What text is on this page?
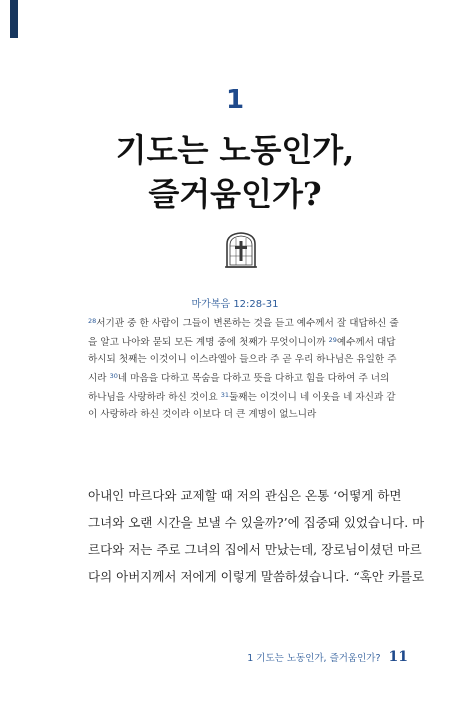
1
기도는 노동인가,
즐거움인가?
마가복음 12:28-31
$^{28}$서기관 중 한 사람이 그들이 변론하는 것을 듣고 예수께서 잘 대답하신 줄
을 알고 나아와 묻되 모든 계명 중에 첫째가 무엇이니이까 $^{29}$예수께서 대답
하시되 첫째는 이것이니 이스라엘아 들으라 주 곧 우리 하나님은 유일한 주
시라 $^{30}$네 마음을 다하고 목숨을 다하고 뜻을 다하고 힘을 다하여 주 너의
하나님을 사랑하라 하신 것이요 $^{31}$둘째는 이것이니 네 이웃을 네 자신과 같
이 사랑하라 하신 것이라 이보다 더 큰 계명이 없느니라
아내인 마르다와 교제할 때 저의 관심은 온통 ‘어떻게 하면
그녀와 오랜 시간을 보낼 수 있을까?’에 집중돼 있었습니다. 마
르다와 저는 주로 그녀의 집에서 만났는데, 장로님이셨던 마르
다의 아버지께서 저에게 이렇게 말씀하셨습니다. “혹안 카를로
1 기도는 노동인가, 즐거움인가? 11
